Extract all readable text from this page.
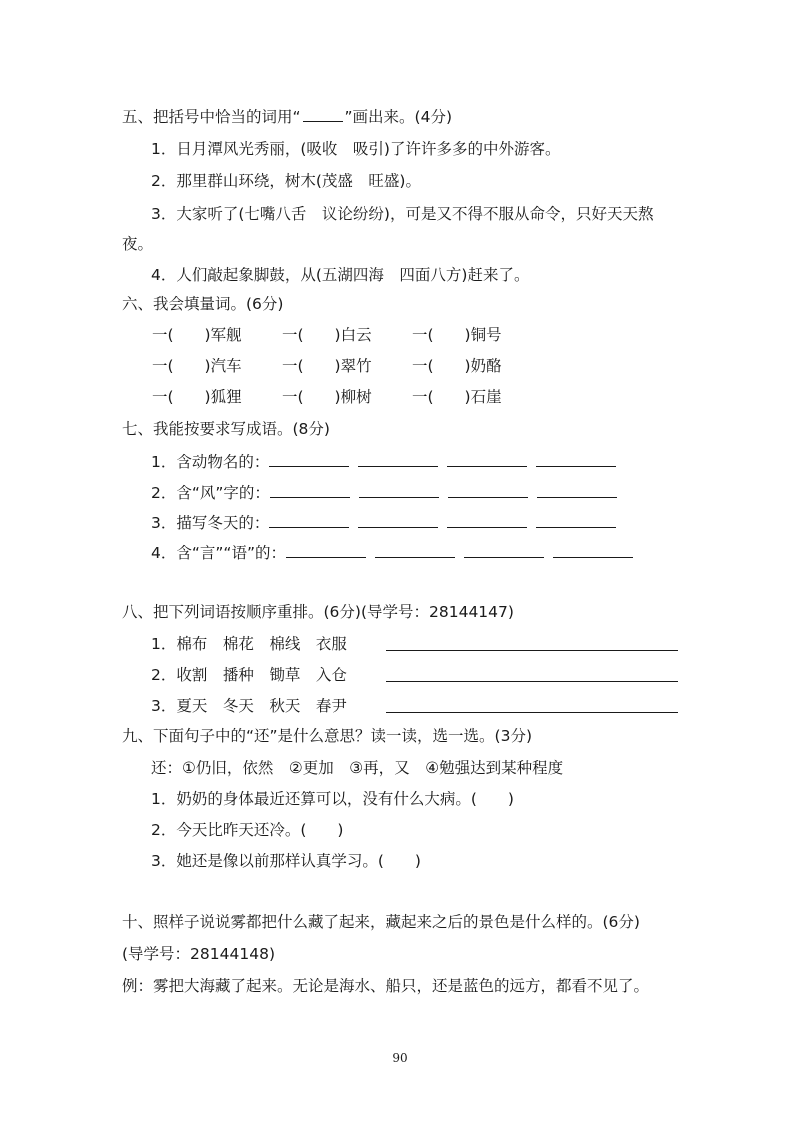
五、把括号中恰当的词用“	”画出来。(4分)
1．日月潭风光秀丽，(吸收　吸引)了许许多多的中外游客。
2．那里群山环绕，树木(茂盛　旺盛)。
3．大家听了(七嘴八舌　议论纷纷)，可是又不得不服从命令，只好天天熬
夜。
4．人们敲起象脚鼓，从(五湖四海　四面八方)赶来了。
六、我会填量词。(6分)
一(　　)军舰	一(　　)白云	一(　　)铜号
一(　　)汽车	一(　　)翠竹	一(　　)奶酪
一(　　)狐狸	一(　　)柳树	一(　　)石崖
七、我能按要求写成语。(8分)
1．含动物名的：
2．含“风”字的：
3．描写冬天的：
4．含“言”“语”的：
八、把下列词语按顺序重排。(6分)(导学号：28144147)
1．棉布　棉花　棉线　衣服
2．收割　播种　锄草　入仓
3．夏天　冬天　秋天　春尹
九、下面句子中的“还”是什么意思？读一读，选一选。(3分)
还：①仍旧，依然　②更加　③再，又　④勉强达到某种程度
1．奶奶的身体最近还算可以，没有什么大病。(　　)
2．今天比昨天还冷。(　　)
3．她还是像以前那样认真学习。(　　)
十、照样子说说雾都把什么藏了起来，藏起来之后的景色是什么样的。(6分)
(导学号：28144148)
例：雾把大海藏了起来。无论是海水、船只，还是蓝色的远方，都看不见了。
90
